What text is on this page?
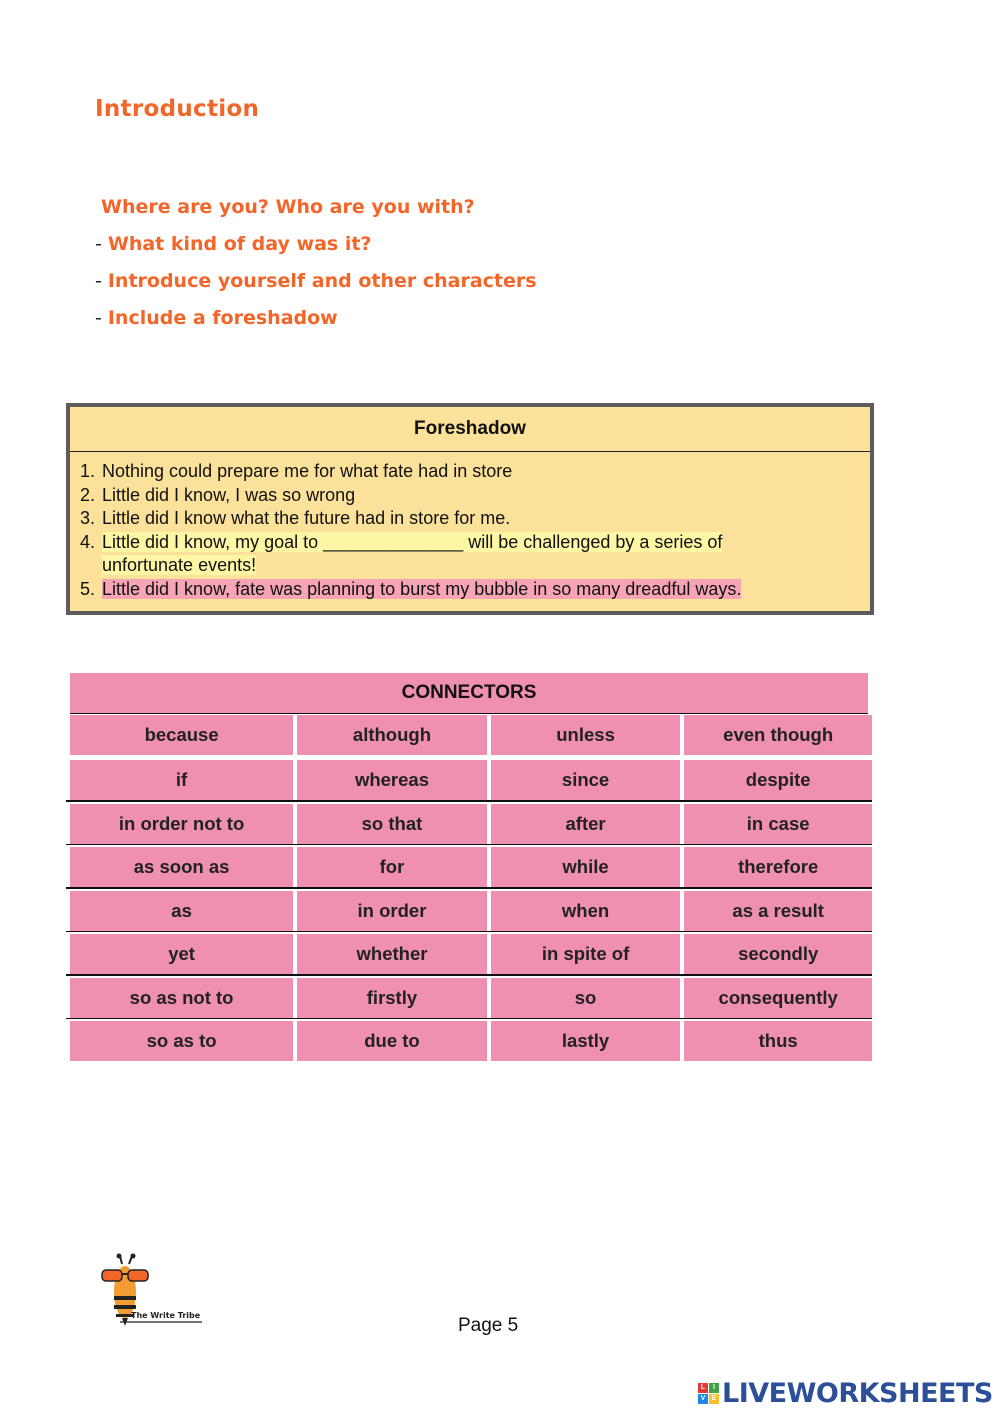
Introduction
Where are you? Who are you with?
- What kind of day was it?
- Introduce yourself and other characters
- Include a foreshadow
Foreshadow
1. Nothing could prepare me for what fate had in store
2. Little did I know, I was so wrong
3. Little did I know what the future had in store for me.
4. Little did I know, my goal to ______________ will be challenged by a series of unfortunate events!
5. Little did I know, fate was planning to burst my bubble in so many dreadful ways.
CONNECTORS
because	although	unless	even though
if	whereas	since	despite
in order not to	so that	after	in case
as soon as	for	while	therefore
as	in order	when	as a result
yet	whether	in spite of	secondly
so as not to	firstly	so	consequently
so as to	due to	lastly	thus
The Write Tribe	Page 5
L	I
V E LIVEWORKSHEETS
